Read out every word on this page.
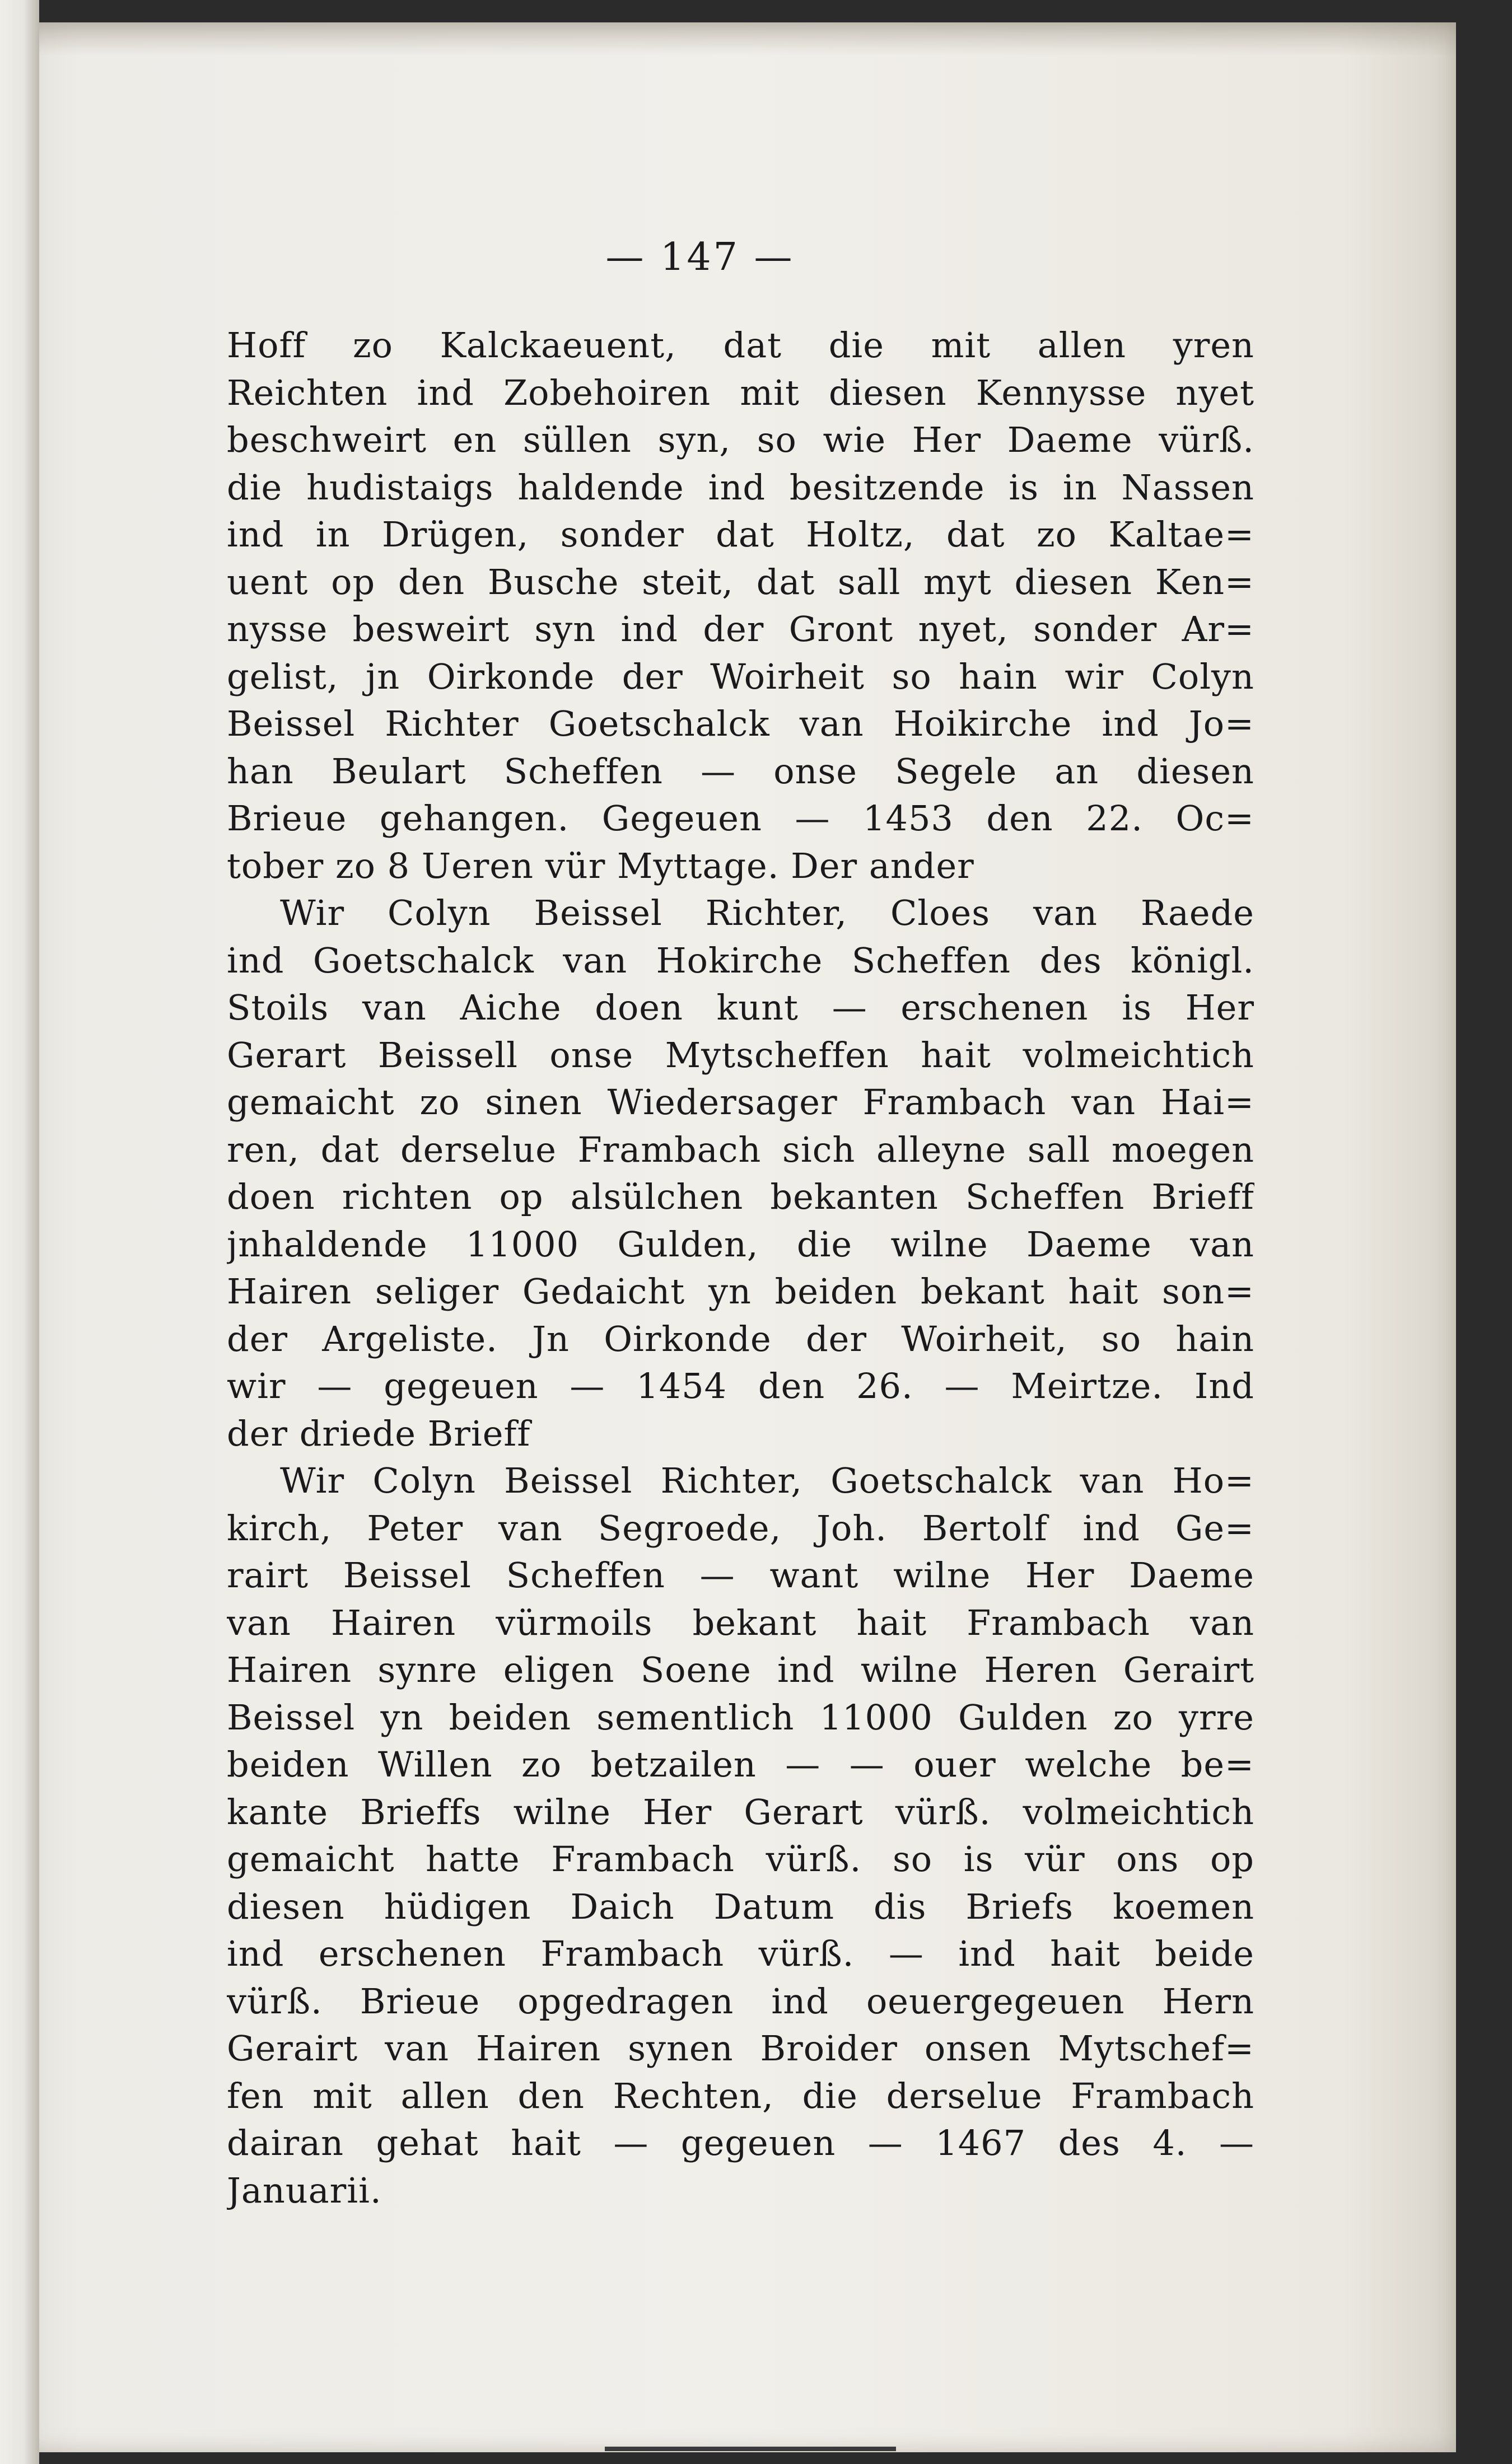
— 147 —
Hoff zo Kalckaeuent, dat die mit allen yren
Reichten ind Zobehoiren mit diesen Kennysse nyet
beschweirt en süllen syn, so wie Her Daeme vürß.
die hudistaigs haldende ind besitzende is in Nassen
ind in Drügen, sonder dat Holtz, dat zo Kaltae=
uent op den Busche steit, dat sall myt diesen Ken=
nysse besweirt syn ind der Gront nyet, sonder Ar=
gelist, jn Oirkonde der Woirheit so hain wir Colyn
Beissel Richter Goetschalck van Hoikirche ind Jo=
han Beulart Scheffen — onse Segele an diesen
Brieue gehangen. Gegeuen — 1453 den 22. Oc=
tober zo 8 Ueren vür Myttage. Der ander
Wir Colyn Beissel Richter, Cloes van Raede
ind Goetschalck van Hokirche Scheffen des königl.
Stoils van Aiche doen kunt — erschenen is Her
Gerart Beissell onse Mytscheffen hait volmeichtich
gemaicht zo sinen Wiedersager Frambach van Hai=
ren, dat derselue Frambach sich alleyne sall moegen
doen richten op alsülchen bekanten Scheffen Brieff
jnhaldende 11000 Gulden, die wilne Daeme van
Hairen seliger Gedaicht yn beiden bekant hait son=
der Argeliste. Jn Oirkonde der Woirheit, so hain
wir — gegeuen — 1454 den 26. — Meirtze. Ind
der driede Brieff
Wir Colyn Beissel Richter, Goetschalck van Ho=
kirch, Peter van Segroede, Joh. Bertolf ind Ge=
rairt Beissel Scheffen — want wilne Her Daeme
van Hairen vürmoils bekant hait Frambach van
Hairen synre eligen Soene ind wilne Heren Gerairt
Beissel yn beiden sementlich 11000 Gulden zo yrre
beiden Willen zo betzailen — — ouer welche be=
kante Brieffs wilne Her Gerart vürß. volmeichtich
gemaicht hatte Frambach vürß. so is vür ons op
diesen hüdigen Daich Datum dis Briefs koemen
ind erschenen Frambach vürß. — ind hait beide
vürß. Brieue opgedragen ind oeuergegeuen Hern
Gerairt van Hairen synen Broider onsen Mytschef=
fen mit allen den Rechten, die derselue Frambach
dairan gehat hait — gegeuen — 1467 des 4. —
Januarii.
